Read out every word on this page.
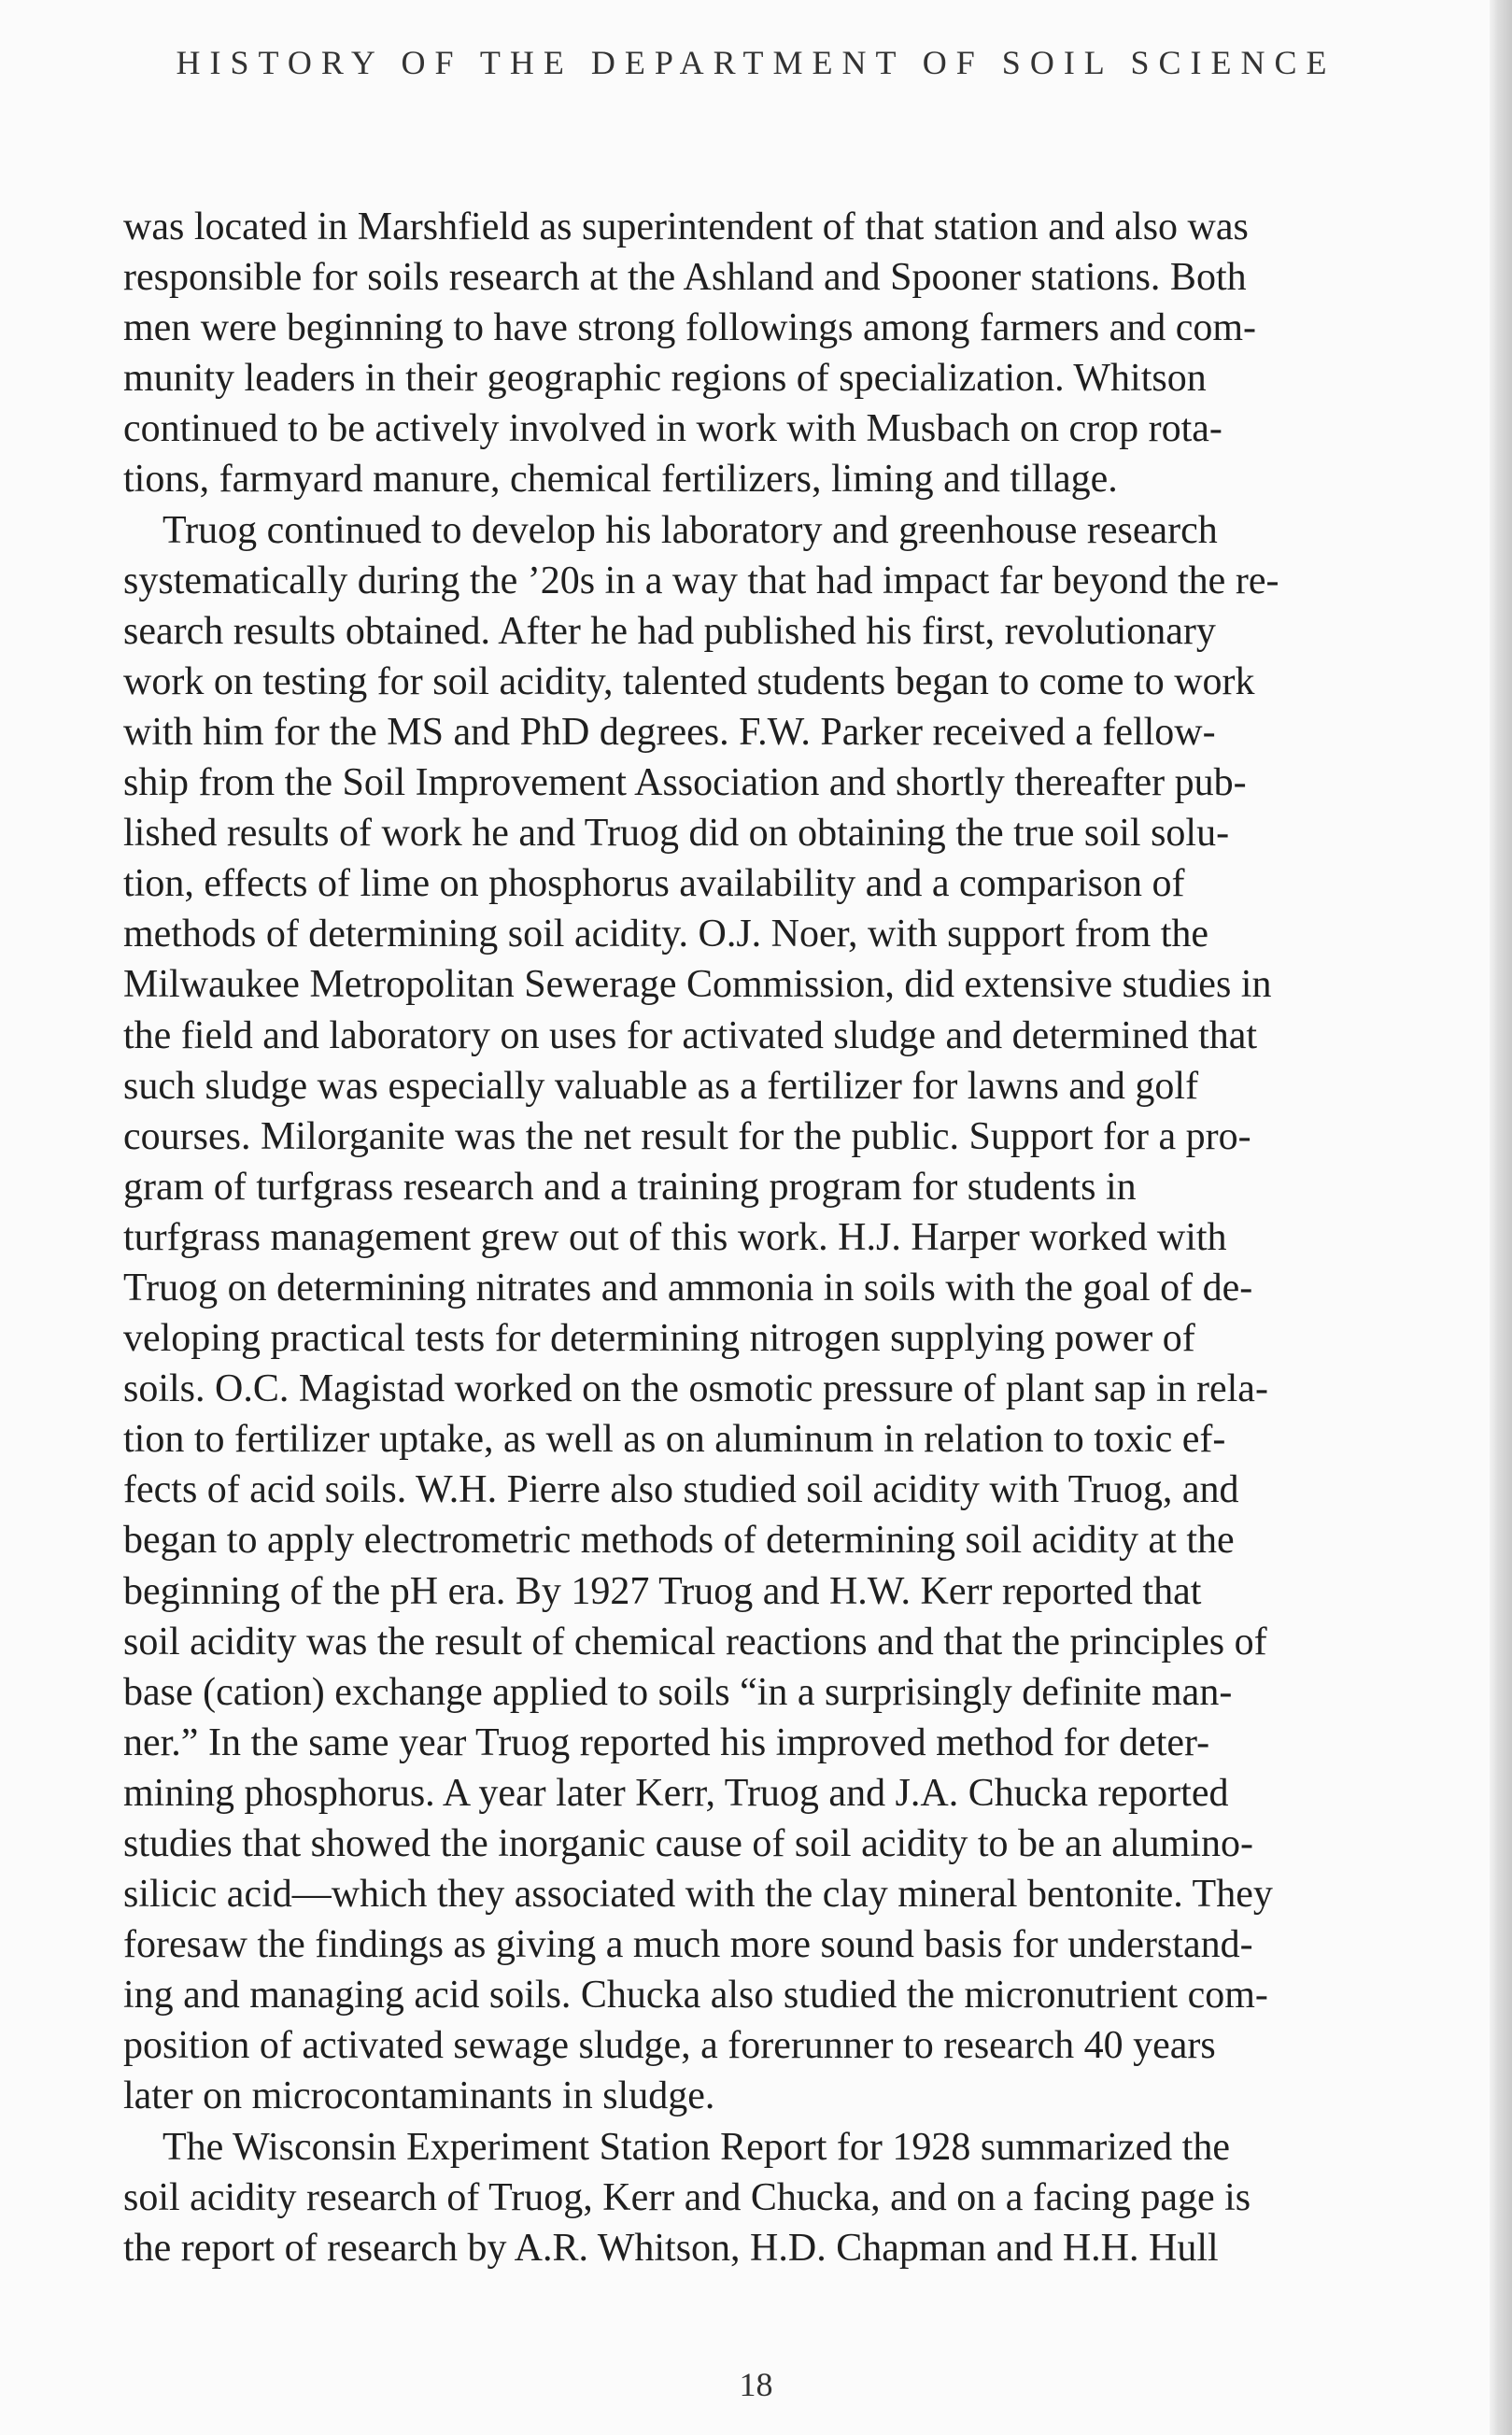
HISTORY OF THE DEPARTMENT OF SOIL SCIENCE
was located in Marshfield as superintendent of that station and also was
responsible for soils research at the Ashland and Spooner stations. Both
men were beginning to have strong followings among farmers and com-
munity leaders in their geographic regions of specialization. Whitson
continued to be actively involved in work with Musbach on crop rota-
tions, farmyard manure, chemical fertilizers, liming and tillage.
 Truog continued to develop his laboratory and greenhouse research
systematically during the ’20s in a way that had impact far beyond the re-
search results obtained. After he had published his first, revolutionary
work on testing for soil acidity, talented students began to come to work
with him for the MS and PhD degrees. F.W. Parker received a fellow-
ship from the Soil Improvement Association and shortly thereafter pub-
lished results of work he and Truog did on obtaining the true soil solu-
tion, effects of lime on phosphorus availability and a comparison of
methods of determining soil acidity. O.J. Noer, with support from the
Milwaukee Metropolitan Sewerage Commission, did extensive studies in
the field and laboratory on uses for activated sludge and determined that
such sludge was especially valuable as a fertilizer for lawns and golf
courses. Milorganite was the net result for the public. Support for a pro-
gram of turfgrass research and a training program for students in
turfgrass management grew out of this work. H.J. Harper worked with
Truog on determining nitrates and ammonia in soils with the goal of de-
veloping practical tests for determining nitrogen supplying power of
soils. O.C. Magistad worked on the osmotic pressure of plant sap in rela-
tion to fertilizer uptake, as well as on aluminum in relation to toxic ef-
fects of acid soils. W.H. Pierre also studied soil acidity with Truog, and
began to apply electrometric methods of determining soil acidity at the
beginning of the pH era. By 1927 Truog and H.W. Kerr reported that
soil acidity was the result of chemical reactions and that the principles of
base (cation) exchange applied to soils “in a surprisingly definite man-
ner.” In the same year Truog reported his improved method for deter-
mining phosphorus. A year later Kerr, Truog and J.A. Chucka reported
studies that showed the inorganic cause of soil acidity to be an alumino-
silicic acid—which they associated with the clay mineral bentonite. They
foresaw the findings as giving a much more sound basis for understand-
ing and managing acid soils. Chucka also studied the micronutrient com-
position of activated sewage sludge, a forerunner to research 40 years
later on microcontaminants in sludge.
 The Wisconsin Experiment Station Report for 1928 summarized the
soil acidity research of Truog, Kerr and Chucka, and on a facing page is
the report of research by A.R. Whitson, H.D. Chapman and H.H. Hull
18
